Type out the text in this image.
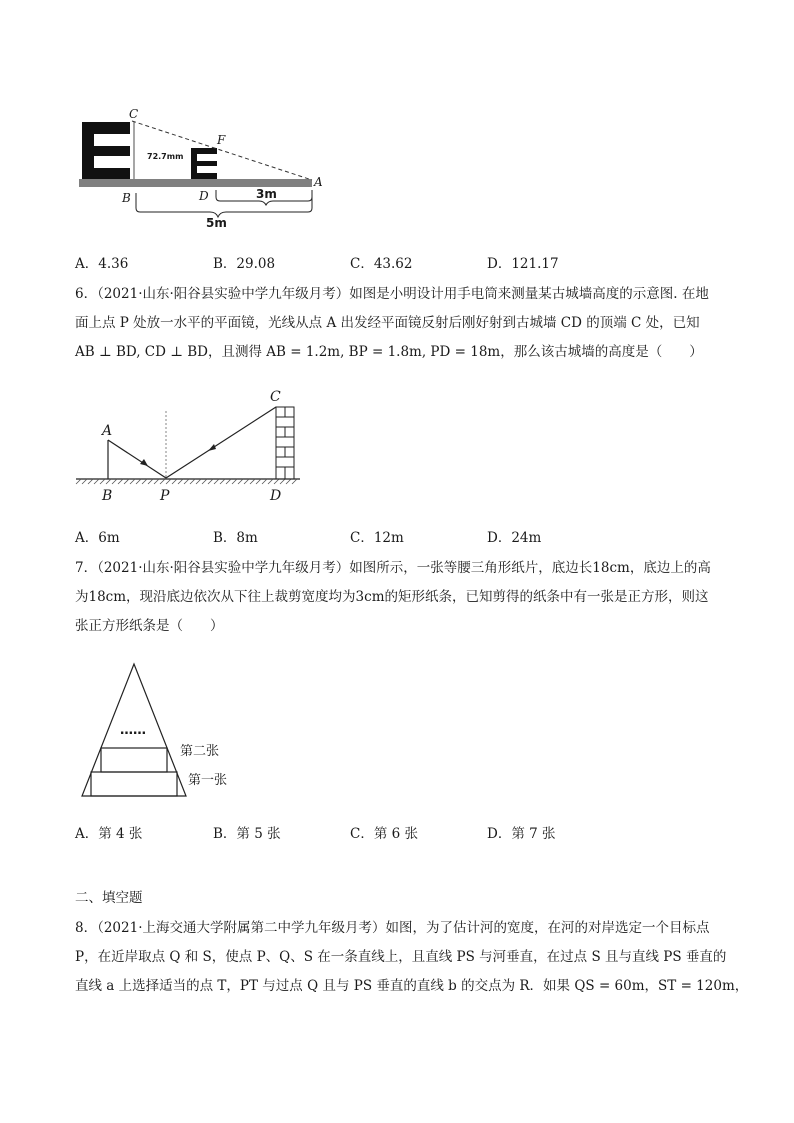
72.7mm
C
F
B	D
A
3m
5m
A．4.36	B．29.08	C．43.62	D．121.17
6．（2021·山东·阳谷县实验中学九年级月考）如图是小明设计用手电筒来测量某古城墙高度的示意图. 在地
面上点 P 处放一水平的平面镜，光线从点 A 出发经平面镜反射后刚好射到古城墙 CD 的顶端 C 处，已知
AB ⊥ BD, CD ⊥ BD，且测得 AB = 1.2m, BP = 1.8m, PD = 18m，那么该古城墙的高度是（　　）
A
B	P
C
D
A．6m	B．8m	C．12m	D．24m
7．（2021·山东·阳谷县实验中学九年级月考）如图所示，一张等腰三角形纸片，底边长18cm，底边上的高
为18cm，现沿底边依次从下往上裁剪宽度均为3cm的矩形纸条，已知剪得的纸条中有一张是正方形，则这
张正方形纸条是（　　）
……
第二张
第一张
A．第 4 张	B．第 5 张	C．第 6 张	D．第 7 张
二、填空题
8．（2021·上海交通大学附属第二中学九年级月考）如图，为了估计河的宽度，在河的对岸选定一个目标点
P，在近岸取点 Q 和 S，使点 P、Q、S 在一条直线上，且直线 PS 与河垂直，在过点 S 且与直线 PS 垂直的
直线 a 上选择适当的点 T，PT 与过点 Q 且与 PS 垂直的直线 b 的交点为 R．如果 QS = 60m，ST = 120m，
